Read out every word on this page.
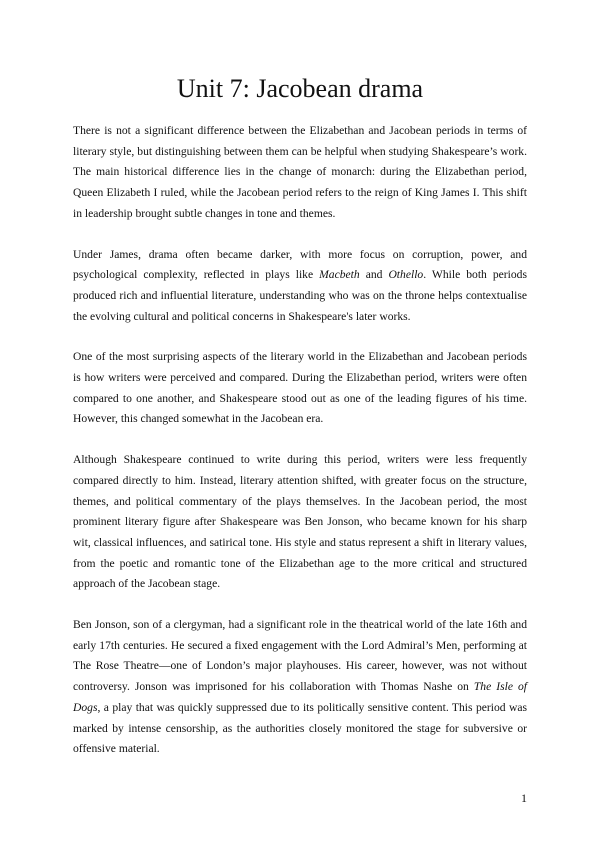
Unit 7: Jacobean drama

There is not a significant difference between the Elizabethan and Jacobean periods in terms of literary style, but distinguishing between them can be helpful when studying Shakespeare’s work. The main historical difference lies in the change of monarch: during the Elizabethan period, Queen Elizabeth I ruled, while the Jacobean period refers to the reign of King James I. This shift in leadership brought subtle changes in tone and themes.

Under James, drama often became darker, with more focus on corruption, power, and psychological complexity, reflected in plays like Macbeth and Othello. While both periods produced rich and influential literature, understanding who was on the throne helps contextualise the evolving cultural and political concerns in Shakespeare's later works.

One of the most surprising aspects of the literary world in the Elizabethan and Jacobean periods is how writers were perceived and compared. During the Elizabethan period, writers were often compared to one another, and Shakespeare stood out as one of the leading figures of his time. However, this changed somewhat in the Jacobean era.

Although Shakespeare continued to write during this period, writers were less frequently compared directly to him. Instead, literary attention shifted, with greater focus on the structure, themes, and political commentary of the plays themselves. In the Jacobean period, the most prominent literary figure after Shakespeare was Ben Jonson, who became known for his sharp wit, classical influences, and satirical tone. His style and status represent a shift in literary values, from the poetic and romantic tone of the Elizabethan age to the more critical and structured approach of the Jacobean stage.

Ben Jonson, son of a clergyman, had a significant role in the theatrical world of the late 16th and early 17th centuries. He secured a fixed engagement with the Lord Admiral’s Men, performing at The Rose Theatre—one of London’s major playhouses. His career, however, was not without controversy. Jonson was imprisoned for his collaboration with Thomas Nashe on The Isle of Dogs, a play that was quickly suppressed due to its politically sensitive content. This period was marked by intense censorship, as the authorities closely monitored the stage for subversive or offensive material.

1
